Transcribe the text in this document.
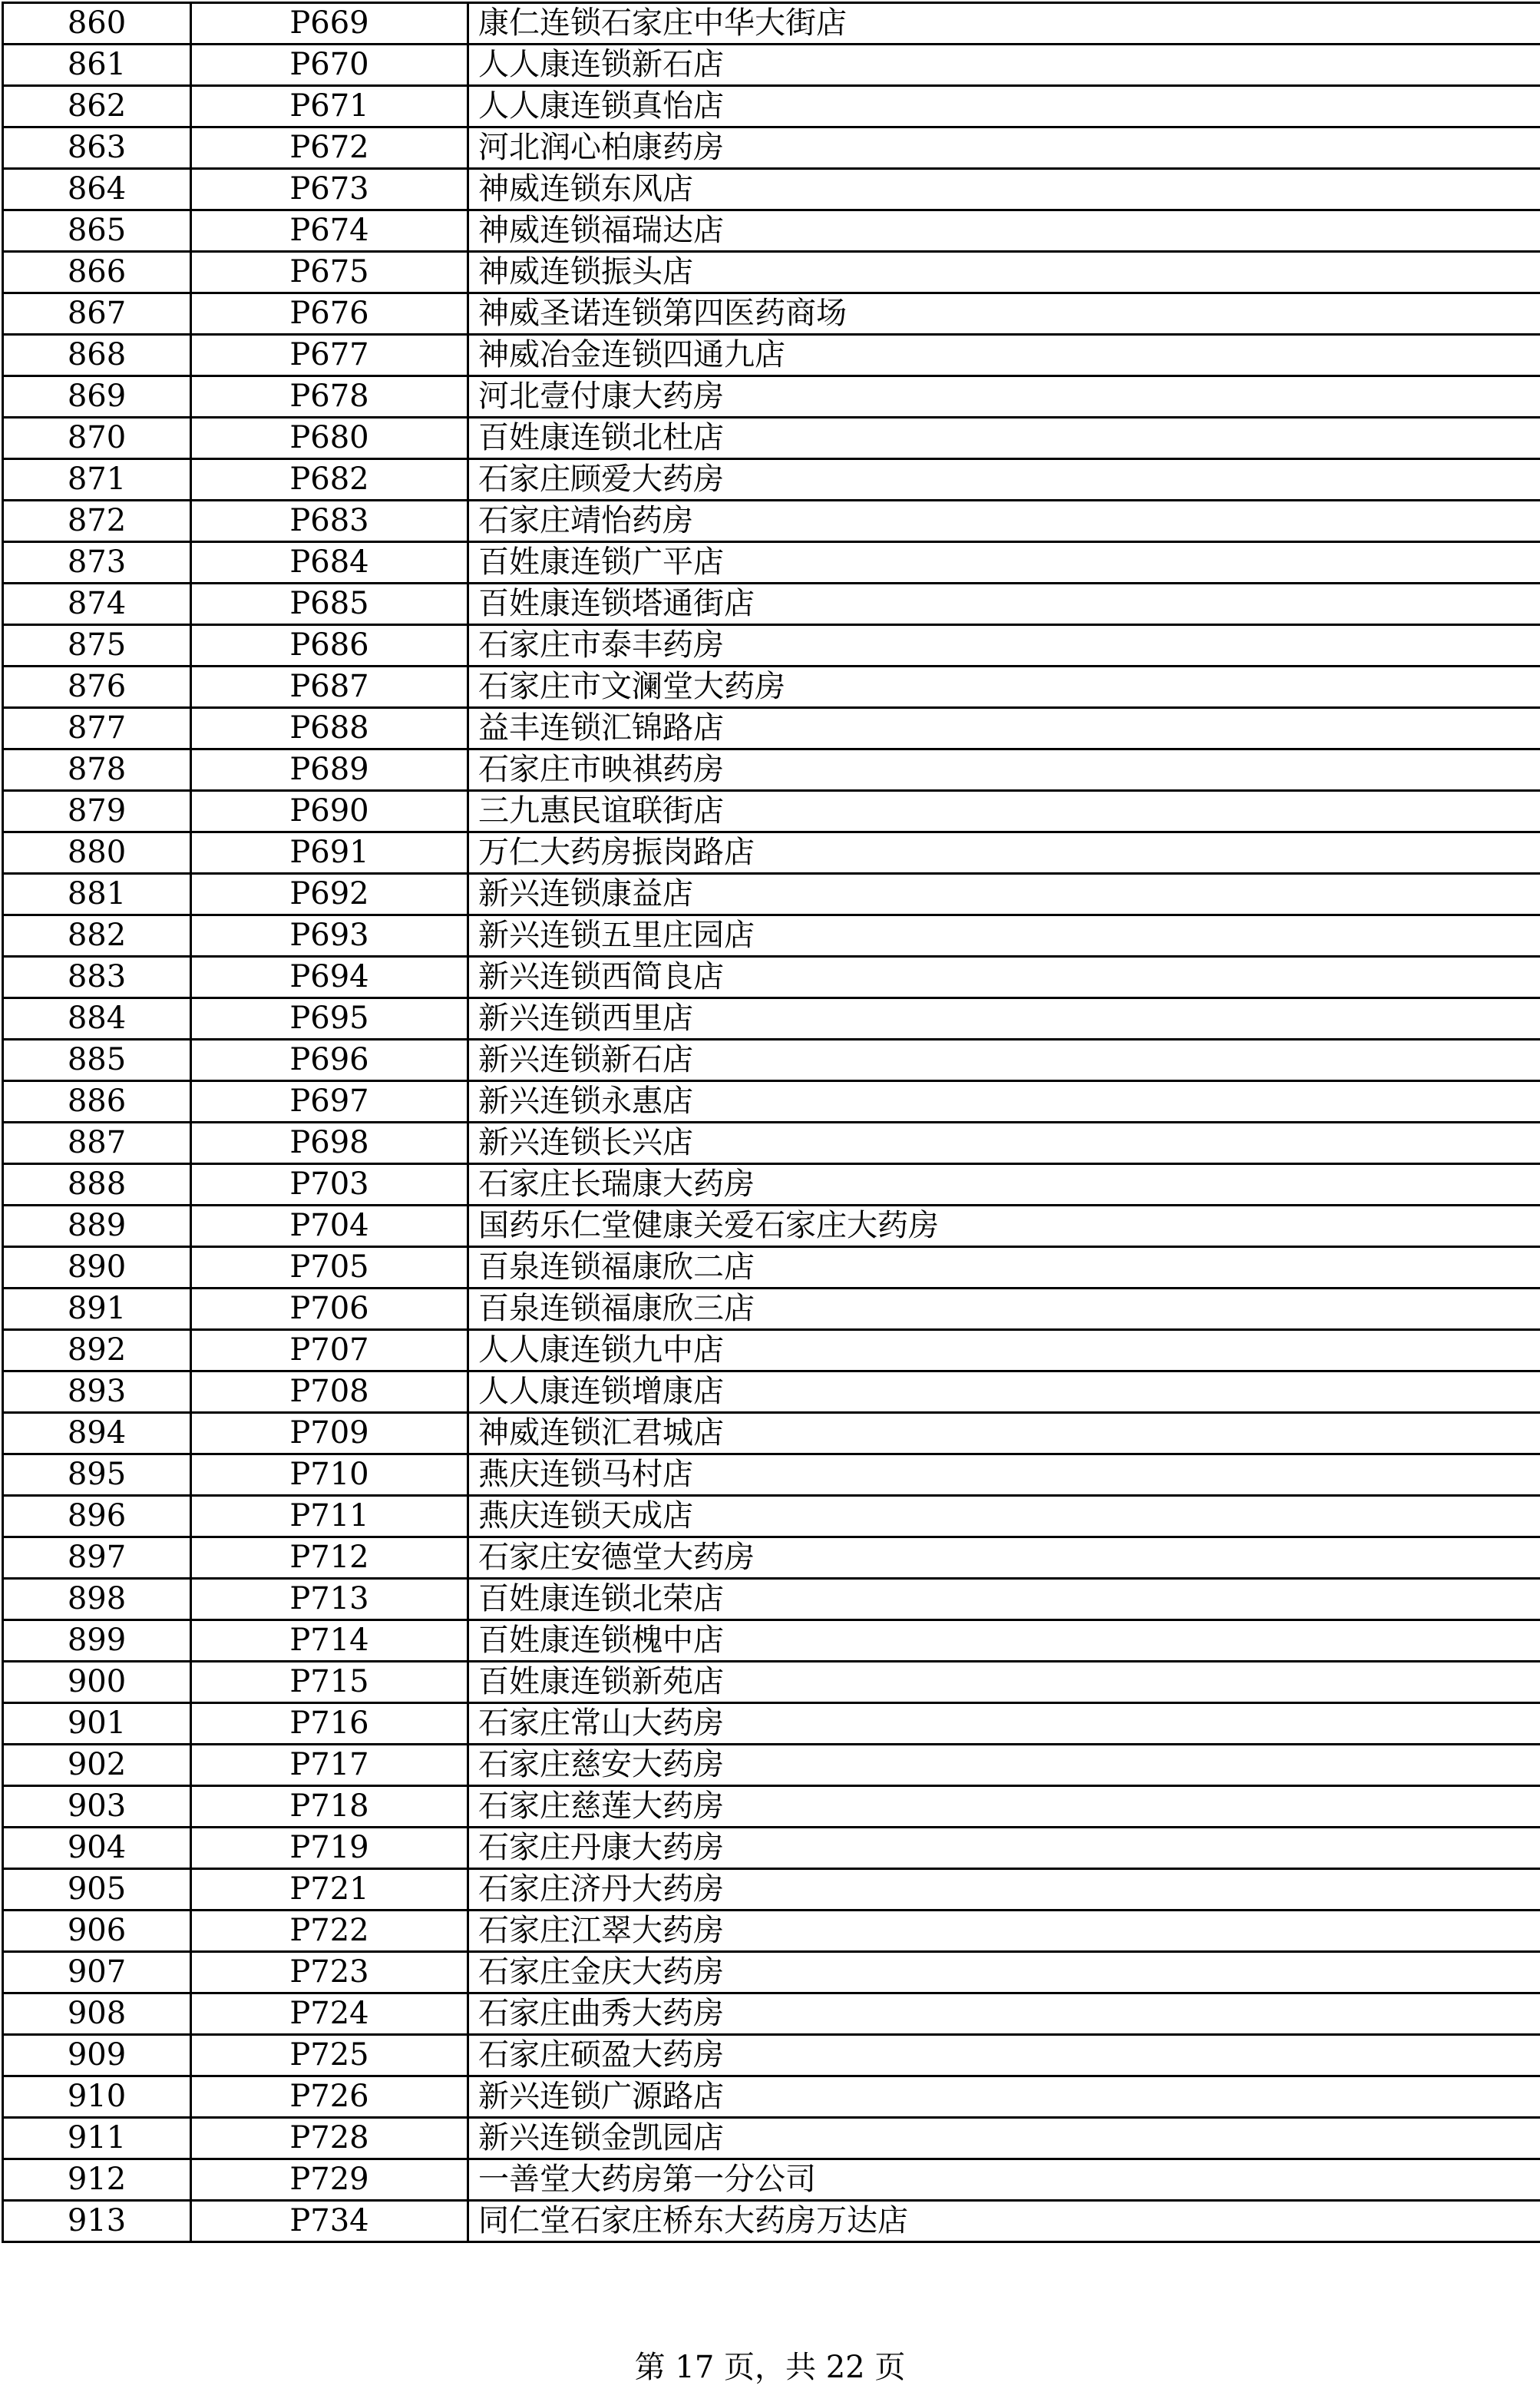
860	P669	康仁连锁石家庄中华大街店
861	P670	人人康连锁新石店
862	P671	人人康连锁真怡店
863	P672	河北润心柏康药房
864	P673	神威连锁东风店
865	P674	神威连锁福瑞达店
866	P675	神威连锁振头店
867	P676	神威圣诺连锁第四医药商场
868	P677	神威冶金连锁四通九店
869	P678	河北壹付康大药房
870	P680	百姓康连锁北杜店
871	P682	石家庄顾爱大药房
872	P683	石家庄靖怡药房
873	P684	百姓康连锁广平店
874	P685	百姓康连锁塔通街店
875	P686	石家庄市泰丰药房
876	P687	石家庄市文澜堂大药房
877	P688	益丰连锁汇锦路店
878	P689	石家庄市映祺药房
879	P690	三九惠民谊联街店
880	P691	万仁大药房振岗路店
881	P692	新兴连锁康益店
882	P693	新兴连锁五里庄园店
883	P694	新兴连锁西简良店
884	P695	新兴连锁西里店
885	P696	新兴连锁新石店
886	P697	新兴连锁永惠店
887	P698	新兴连锁长兴店
888	P703	石家庄长瑞康大药房
889	P704	国药乐仁堂健康关爱石家庄大药房
890	P705	百泉连锁福康欣二店
891	P706	百泉连锁福康欣三店
892	P707	人人康连锁九中店
893	P708	人人康连锁增康店
894	P709	神威连锁汇君城店
895	P710	燕庆连锁马村店
896	P711	燕庆连锁天成店
897	P712	石家庄安德堂大药房
898	P713	百姓康连锁北荣店
899	P714	百姓康连锁槐中店
900	P715	百姓康连锁新苑店
901	P716	石家庄常山大药房
902	P717	石家庄慈安大药房
903	P718	石家庄慈莲大药房
904	P719	石家庄丹康大药房
905	P721	石家庄济丹大药房
906	P722	石家庄江翠大药房
907	P723	石家庄金庆大药房
908	P724	石家庄曲秀大药房
909	P725	石家庄硕盈大药房
910	P726	新兴连锁广源路店
911	P728	新兴连锁金凯园店
912	P729	一善堂大药房第一分公司
913	P734	同仁堂石家庄桥东大药房万达店
第 17 页，共 22 页
